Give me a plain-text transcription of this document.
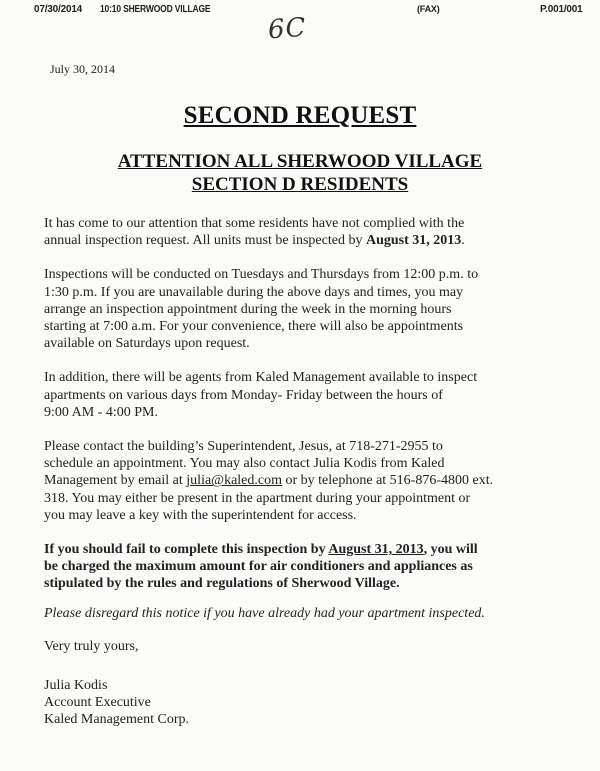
07/30/2014 10:10 SHERWOOD VILLAGE	(FAX)	P.001/001
6C
July 30, 2014
SECOND REQUEST
ATTENTION ALL SHERWOOD VILLAGE
SECTION D RESIDENTS
It has come to our attention that some residents have not complied with the
annual inspection request. All units must be inspected by August 31, 2013.
Inspections will be conducted on Tuesdays and Thursdays from 12:00 p.m. to
1:30 p.m. If you are unavailable during the above days and times, you may
arrange an inspection appointment during the week in the morning hours
starting at 7:00 a.m. For your convenience, there will also be appointments
available on Saturdays upon request.
In addition, there will be agents from Kaled Management available to inspect
apartments on various days from Monday- Friday between the hours of
9:00 AM - 4:00 PM.
Please contact the building’s Superintendent, Jesus, at 718-271-2955 to
schedule an appointment. You may also contact Julia Kodis from Kaled
Management by email at julia@kaled.com or by telephone at 516-876-4800 ext.
318. You may either be present in the apartment during your appointment or
you may leave a key with the superintendent for access.
If you should fail to complete this inspection by August 31, 2013, you will
be charged the maximum amount for air conditioners and appliances as
stipulated by the rules and regulations of Sherwood Village.
Please disregard this notice if you have already had your apartment inspected.
Very truly yours,
Julia Kodis
Account Executive
Kaled Management Corp.
